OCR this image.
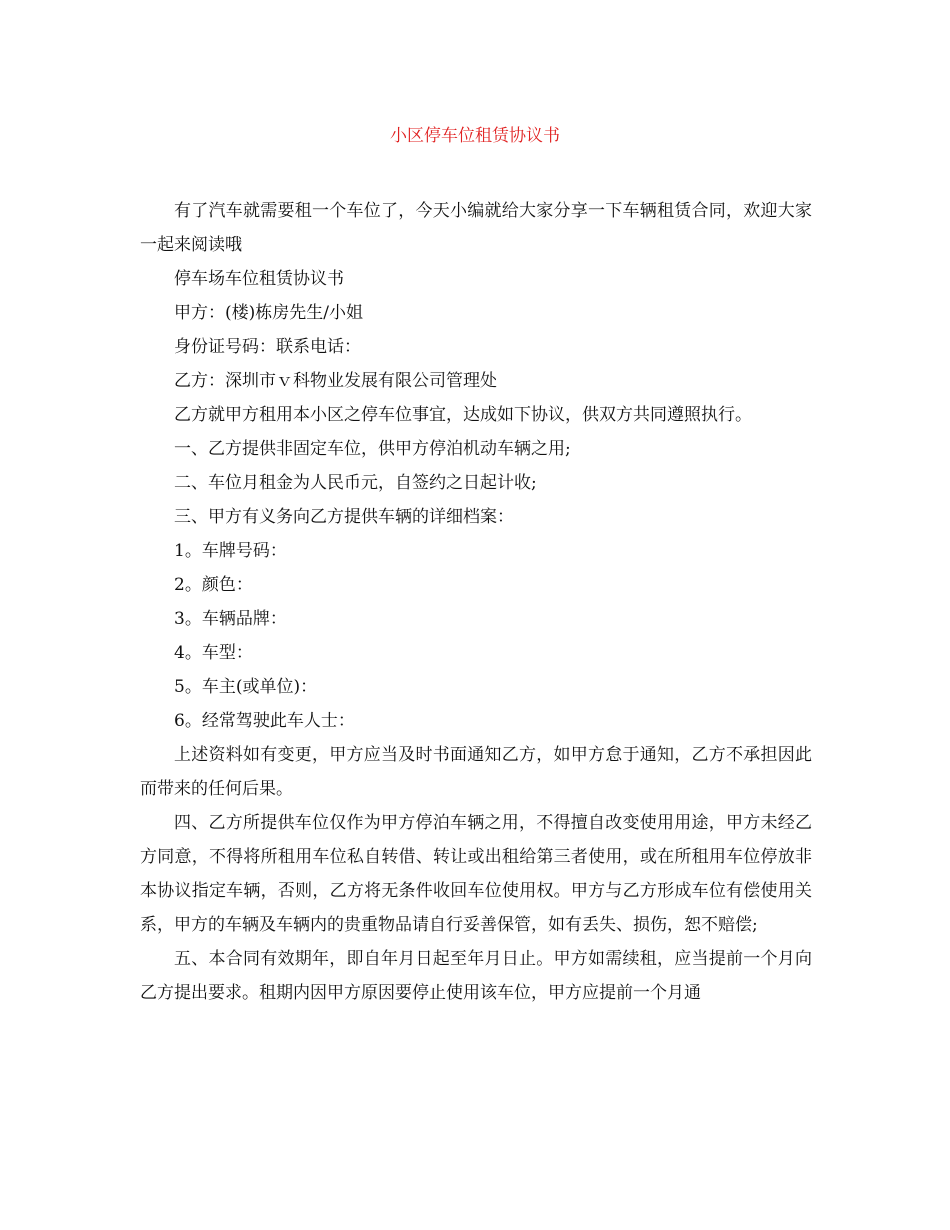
小区停车位租赁协议书

有了汽车就需要租一个车位了，今天小编就给大家分享一下车辆租赁合同，欢迎大家一起来阅读哦

停车场车位租赁协议书

甲方：(楼)栋房先生/小姐

身份证号码：联系电话：

乙方：深圳市ｖ科物业发展有限公司管理处

乙方就甲方租用本小区之停车位事宜，达成如下协议，供双方共同遵照执行。

一、乙方提供非固定车位，供甲方停泊机动车辆之用;

二、车位月租金为人民币元，自签约之日起计收;

三、甲方有义务向乙方提供车辆的详细档案：

1。车牌号码：

2。颜色：

3。车辆品牌：

4。车型：

5。车主(或单位)：

6。经常驾驶此车人士：

上述资料如有变更，甲方应当及时书面通知乙方，如甲方怠于通知，乙方不承担因此而带来的任何后果。

四、乙方所提供车位仅作为甲方停泊车辆之用，不得擅自改变使用用途，甲方未经乙方同意，不得将所租用车位私自转借、转让或出租给第三者使用，或在所租用车位停放非本协议指定车辆，否则，乙方将无条件收回车位使用权。甲方与乙方形成车位有偿使用关系，甲方的车辆及车辆内的贵重物品请自行妥善保管，如有丢失、损伤，恕不赔偿;

五、本合同有效期年，即自年月日起至年月日止。甲方如需续租，应当提前一个月向乙方提出要求。租期内因甲方原因要停止使用该车位，甲方应提前一个月通
